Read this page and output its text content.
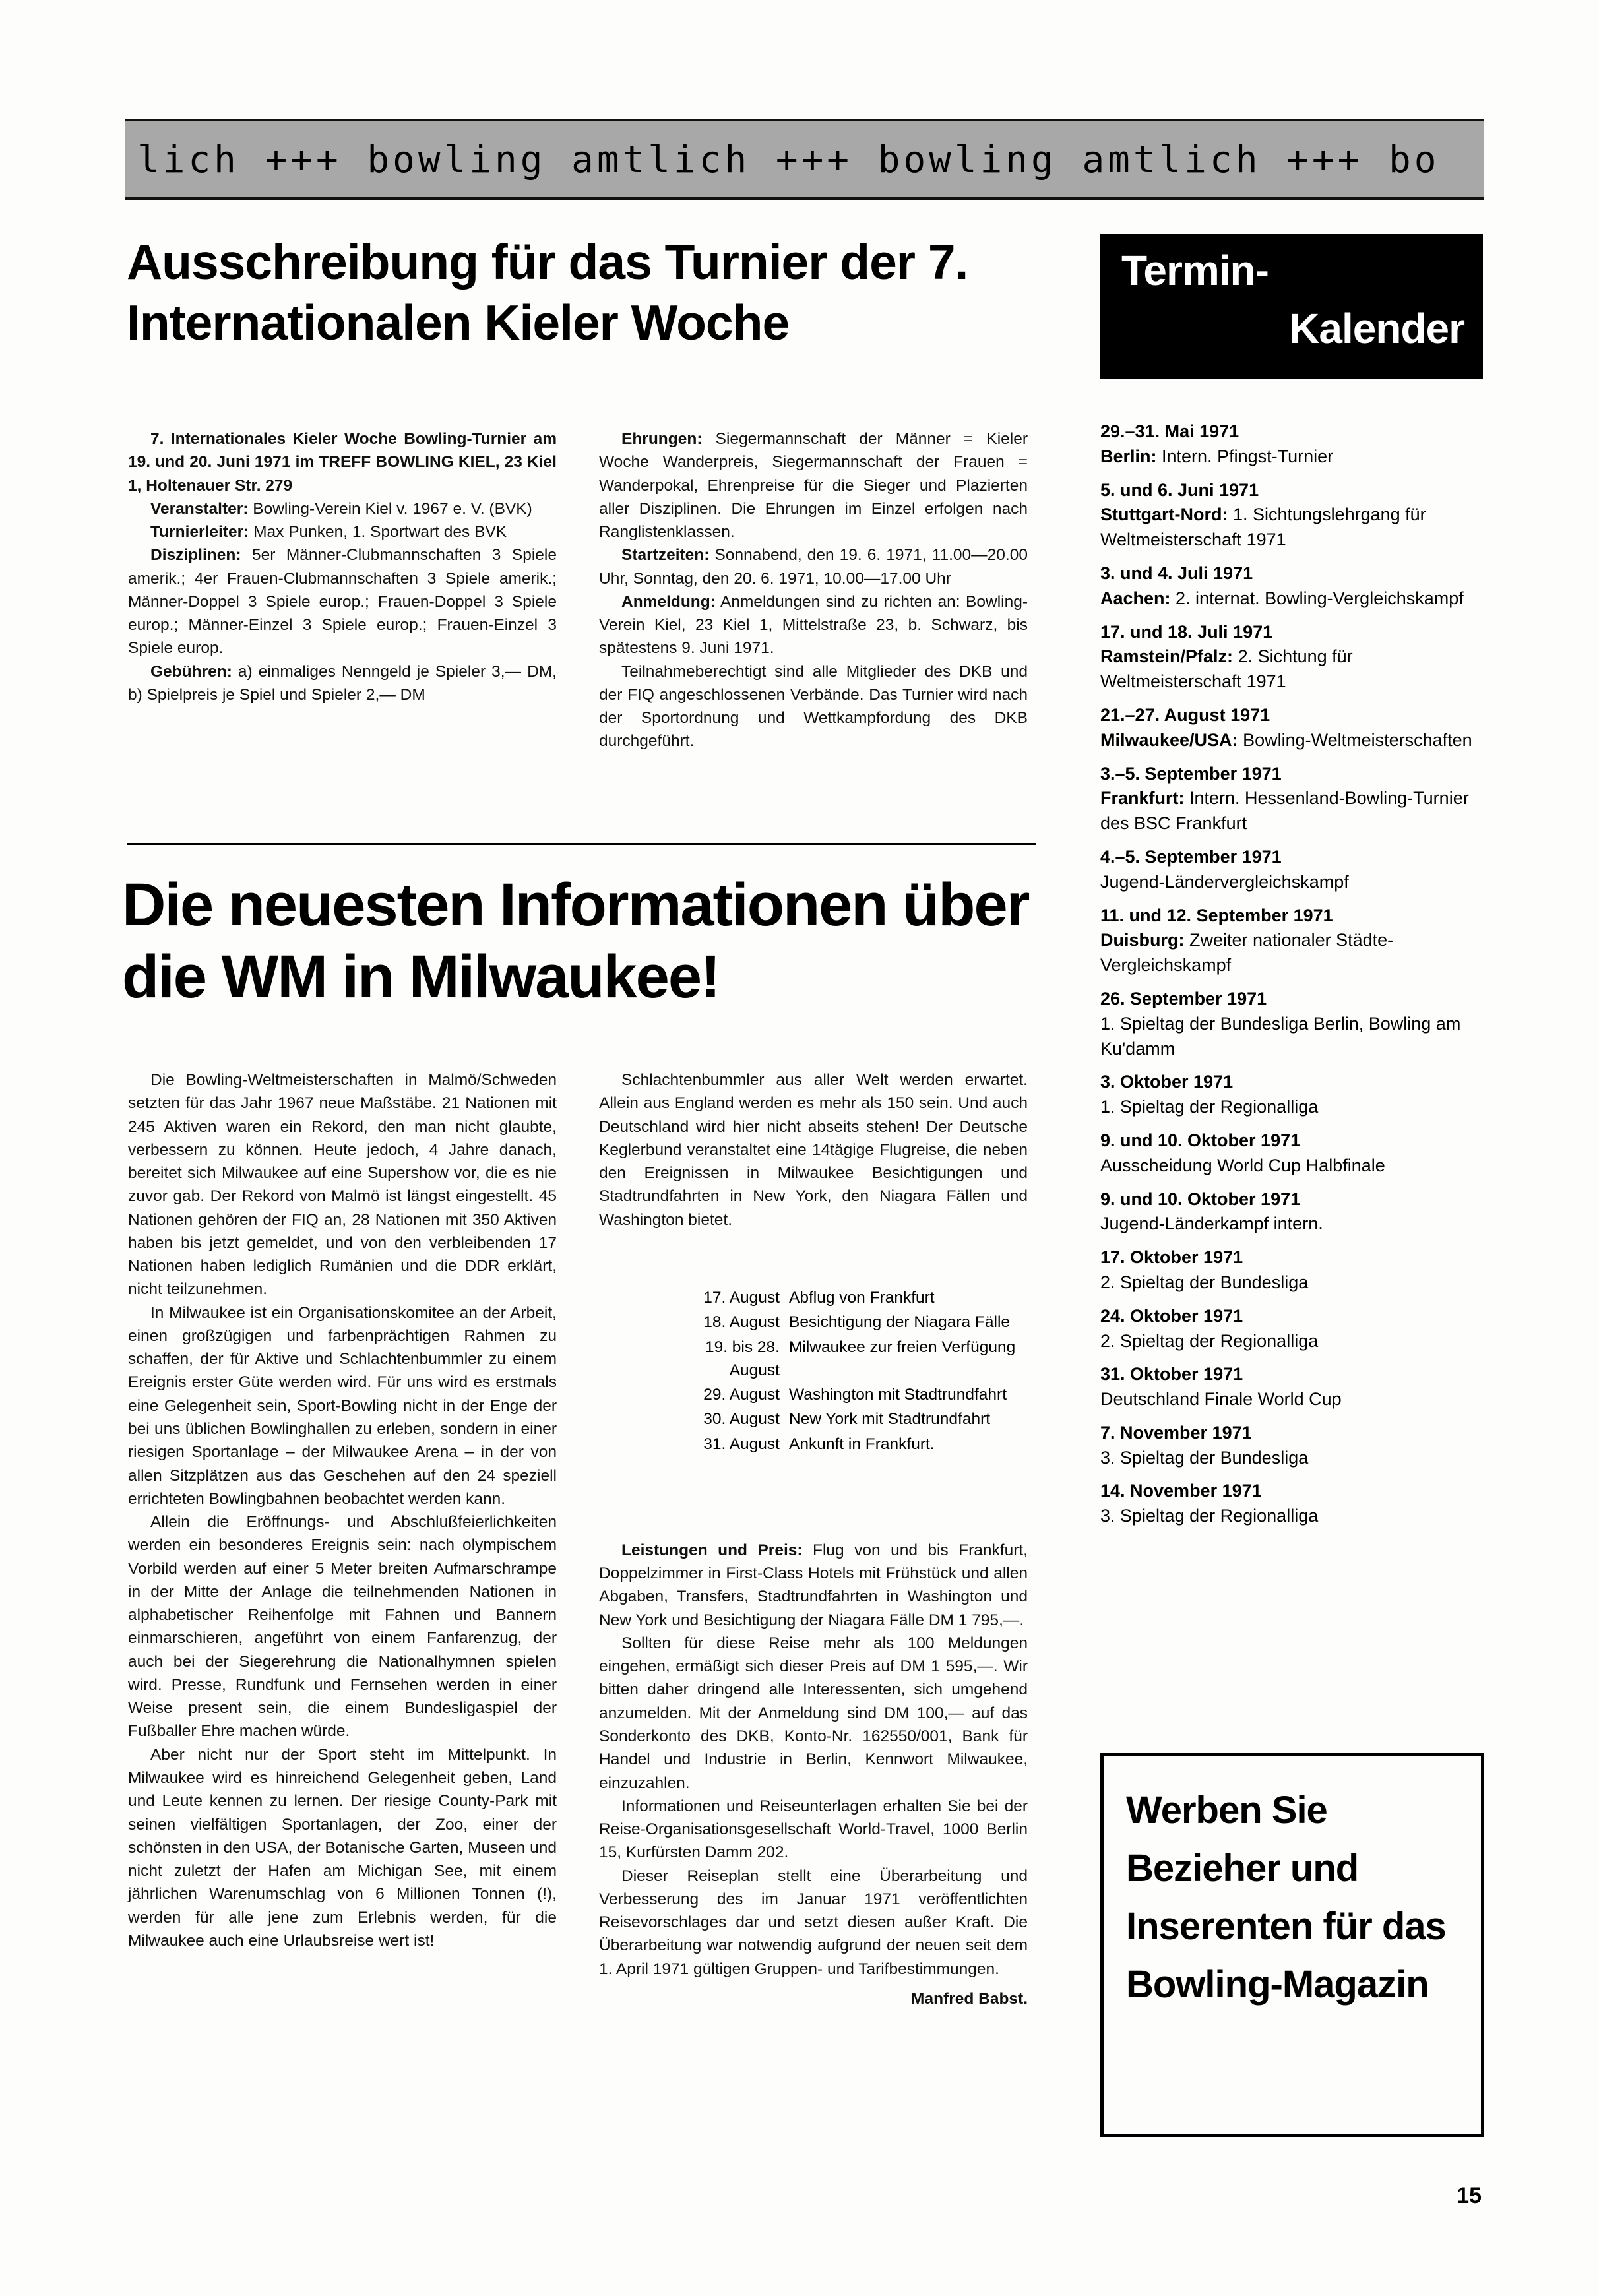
lich +++ bowling amtlich +++ bowling amtlich +++ bo
Ausschreibung für das Turnier der 7. Internationalen Kieler Woche
Termin-
Kalender

7. Internationales Kieler Woche Bowling-Turnier am 19. und 20. Juni 1971 im TREFF BOWLING KIEL, 23 Kiel 1, Holtenauer Str. 279

Veranstalter: Bowling-Verein Kiel v. 1967 e. V. (BVK)

Turnierleiter: Max Punken, 1. Sportwart des BVK

Disziplinen: 5er Männer-Clubmannschaften 3 Spiele amerik.; 4er Frauen-Clubmannschaften 3 Spiele amerik.; Männer-Doppel 3 Spiele europ.; Frauen-Doppel 3 Spiele europ.; Männer-Einzel 3 Spiele europ.; Frauen-Einzel 3 Spiele europ.

Gebühren: a) einmaliges Nenngeld je Spieler 3,— DM, b) Spielpreis je Spiel und Spieler 2,— DM

Ehrungen: Siegermannschaft der Männer = Kieler Woche Wanderpreis, Siegermannschaft der Frauen = Wanderpokal, Ehrenpreise für die Sieger und Plazierten aller Disziplinen. Die Ehrungen im Einzel erfolgen nach Ranglistenklassen.

Startzeiten: Sonnabend, den 19. 6. 1971, 11.00—20.00 Uhr, Sonntag, den 20. 6. 1971, 10.00—17.00 Uhr

Anmeldung: Anmeldungen sind zu richten an: Bowling-Verein Kiel, 23 Kiel 1, Mittelstraße 23, b. Schwarz, bis spätestens 9. Juni 1971.

Teilnahmeberechtigt sind alle Mitglieder des DKB und der FIQ angeschlossenen Verbände. Das Turnier wird nach der Sportordnung und Wettkampfordung des DKB durchgeführt.

Die neuesten Informationen über die WM in Milwaukee!

Die Bowling-Weltmeisterschaften in Malmö/Schweden setzten für das Jahr 1967 neue Maßstäbe. 21 Nationen mit 245 Aktiven waren ein Rekord, den man nicht glaubte, verbessern zu können. Heute jedoch, 4 Jahre danach, bereitet sich Milwaukee auf eine Supershow vor, die es nie zuvor gab. Der Rekord von Malmö ist längst eingestellt. 45 Nationen gehören der FIQ an, 28 Nationen mit 350 Aktiven haben bis jetzt gemeldet, und von den verbleibenden 17 Nationen haben lediglich Rumänien und die DDR erklärt, nicht teilzunehmen.

In Milwaukee ist ein Organisationskomitee an der Arbeit, einen großzügigen und farbenprächtigen Rahmen zu schaffen, der für Aktive und Schlachtenbummler zu einem Ereignis erster Güte werden wird. Für uns wird es erstmals eine Gelegenheit sein, Sport-Bowling nicht in der Enge der bei uns üblichen Bowlinghallen zu erleben, sondern in einer riesigen Sportanlage – der Milwaukee Arena – in der von allen Sitzplätzen aus das Geschehen auf den 24 speziell errichteten Bowlingbahnen beobachtet werden kann.

Allein die Eröffnungs- und Abschlußfeierlichkeiten werden ein besonderes Ereignis sein: nach olympischem Vorbild werden auf einer 5 Meter breiten Aufmarschrampe in der Mitte der Anlage die teilnehmenden Nationen in alphabetischer Reihenfolge mit Fahnen und Bannern einmarschieren, angeführt von einem Fanfarenzug, der auch bei der Siegerehrung die Nationalhymnen spielen wird. Presse, Rundfunk und Fernsehen werden in einer Weise present sein, die einem Bundesligaspiel der Fußballer Ehre machen würde.

Aber nicht nur der Sport steht im Mittelpunkt. In Milwaukee wird es hinreichend Gelegenheit geben, Land und Leute kennen zu lernen. Der riesige County-Park mit seinen vielfältigen Sportanlagen, der Zoo, einer der schönsten in den USA, der Botanische Garten, Museen und nicht zuletzt der Hafen am Michigan See, mit einem jährlichen Warenumschlag von 6 Millionen Tonnen (!), werden für alle jene zum Erlebnis werden, für die Milwaukee auch eine Urlaubsreise wert ist!

Schlachtenbummler aus aller Welt werden erwartet. Allein aus England werden es mehr als 150 sein. Und auch Deutschland wird hier nicht abseits stehen! Der Deutsche Keglerbund veranstaltet eine 14tägige Flugreise, die neben den Ereignissen in Milwaukee Besichtigungen und Stadtrundfahrten in New York, den Niagara Fällen und Washington bietet.

Leistungen und Preis: Flug von und bis Frankfurt, Doppelzimmer in First-Class Hotels mit Frühstück und allen Abgaben, Transfers, Stadtrundfahrten in Washington und New York und Besichtigung der Niagara Fälle DM 1 795,—.

Sollten für diese Reise mehr als 100 Meldungen eingehen, ermäßigt sich dieser Preis auf DM 1 595,—. Wir bitten daher dringend alle Interessenten, sich umgehend anzumelden. Mit der Anmeldung sind DM 100,— auf das Sonderkonto des DKB, Konto-Nr. 162550/001, Bank für Handel und Industrie in Berlin, Kennwort Milwaukee, einzuzahlen.

Informationen und Reiseunterlagen erhalten Sie bei der Reise-Organisationsgesellschaft World-Travel, 1000 Berlin 15, Kurfürsten Damm 202.

Dieser Reiseplan stellt eine Überarbeitung und Verbesserung des im Januar 1971 veröffentlichten Reisevorschlages dar und setzt diesen außer Kraft. Die Überarbeitung war notwendig aufgrund der neuen seit dem 1. April 1971 gültigen Gruppen- und Tarifbestimmungen.

Manfred Babst.

17. August Abflug von Frankfurt
18. August Besichtigung der Niagara Fälle
19. bis 28. August
Milwaukee zur freien Verfügung
29. August Washington mit Stadtrundfahrt
30. August New York mit Stadtrundfahrt
31. August Ankunft in Frankfurt.
29.–31. Mai 1971
Berlin: Intern. Pfingst-Turnier
5. und 6. Juni 1971
Stuttgart-Nord: 1. Sichtungslehrgang für Weltmeisterschaft 1971
3. und 4. Juli 1971
Aachen: 2. internat. Bowling-Vergleichskampf
17. und 18. Juli 1971
Ramstein/Pfalz: 2. Sichtung für Weltmeisterschaft 1971
21.–27. August 1971
Milwaukee/USA: Bowling-Weltmeisterschaften
3.–5. September 1971
Frankfurt: Intern. Hessenland-Bowling-Turnier des BSC Frankfurt
4.–5. September 1971
Jugend-Ländervergleichskampf
11. und 12. September 1971
Duisburg: Zweiter nationaler Städte-Vergleichskampf
26. September 1971
1. Spieltag der Bundesliga Berlin, Bowling am Ku'damm
3. Oktober 1971
1. Spieltag der Regionalliga
9. und 10. Oktober 1971
Ausscheidung World Cup Halbfinale
9. und 10. Oktober 1971
Jugend-Länderkampf intern.
17. Oktober 1971
2. Spieltag der Bundesliga
24. Oktober 1971
2. Spieltag der Regionalliga
31. Oktober 1971
Deutschland Finale World Cup
7. November 1971
3. Spieltag der Bundesliga
14. November 1971
3. Spieltag der Regionalliga
Werben Sie
Bezieher und
Inserenten für das
Bowling-Magazin
15
